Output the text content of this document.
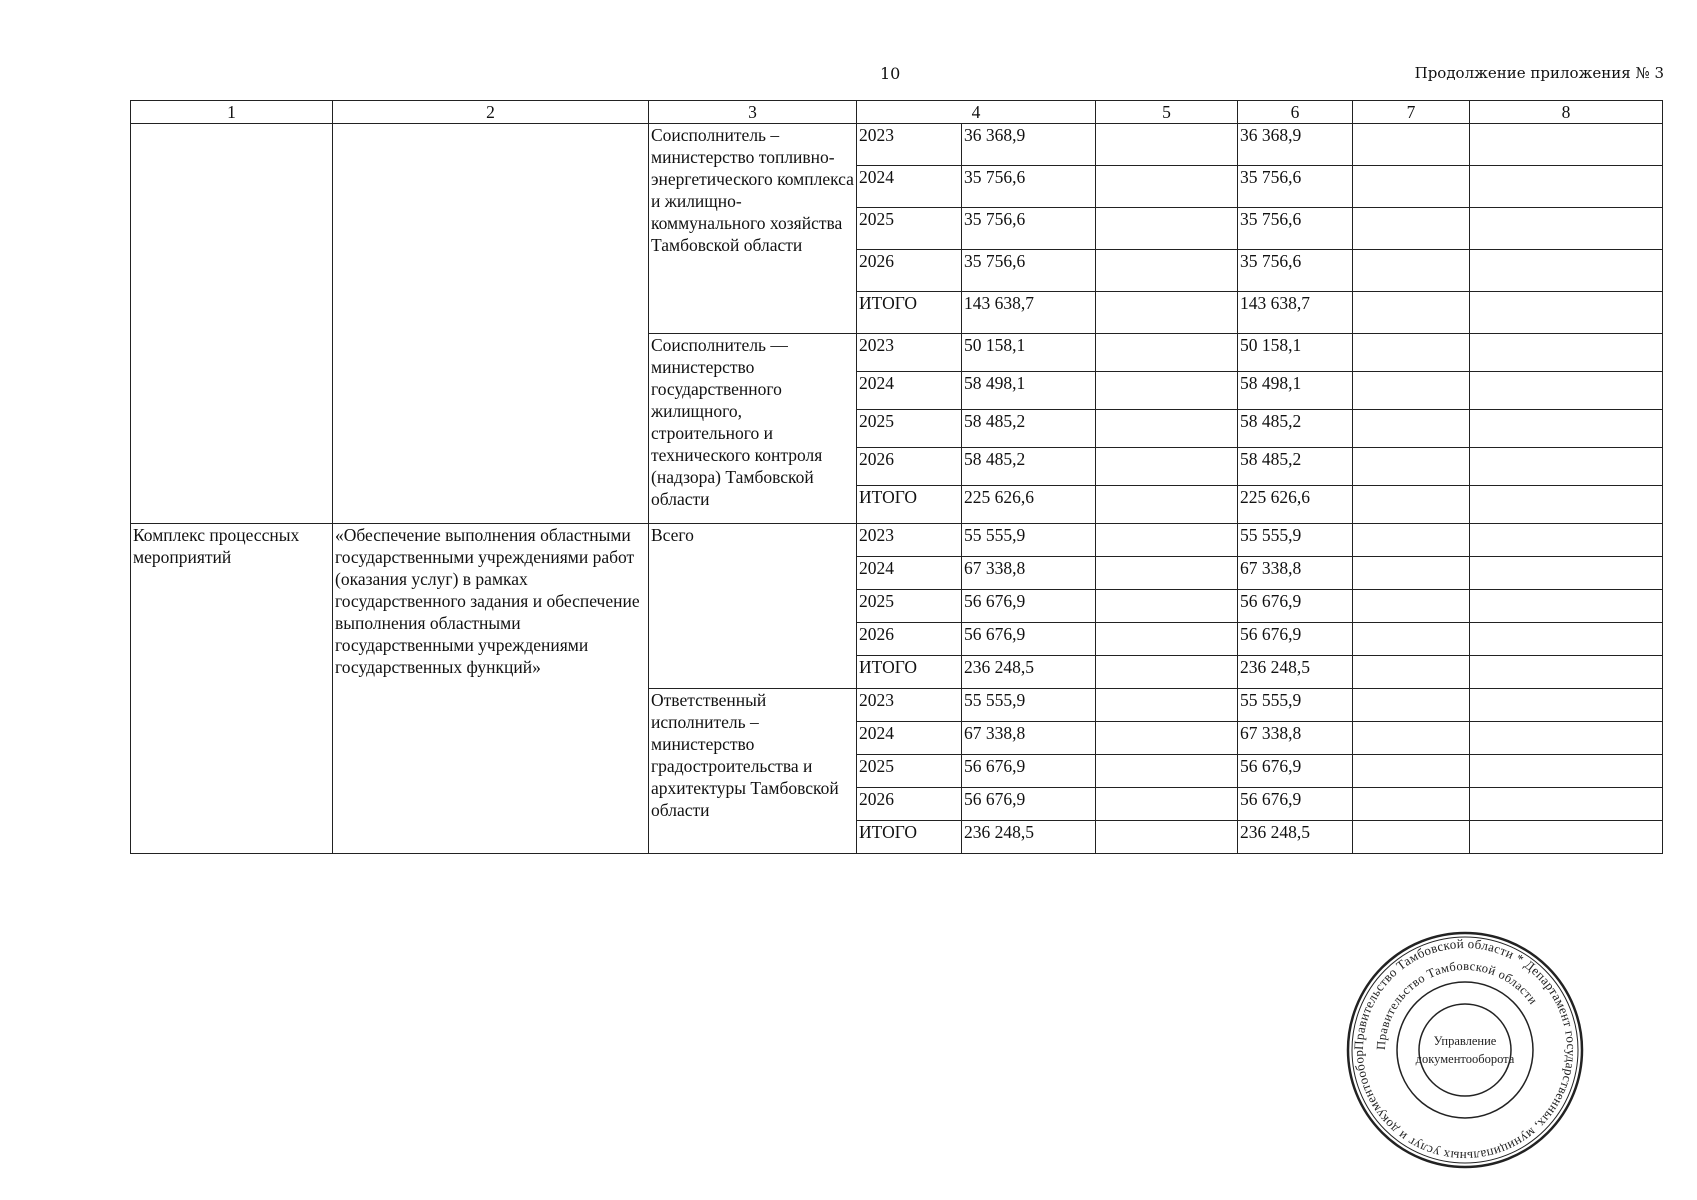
10	Продолжение приложения № 3
1	2	3	4		5	6	7	8
		Соисполнитель – министерство топливно-энергетического комплекса и жилищно-коммунального хозяйства Тамбовской области	2023	36 368,9		36 368,9		
			2024	35 756,6		35 756,6		
			2025	35 756,6		35 756,6		
			2026	35 756,6		35 756,6		
			ИТОГО	143 638,7		143 638,7		
		Соисполнитель — министерство государственного жилищного, строительного и технического контроля (надзора) Тамбовской области	2023	50 158,1		50 158,1		
			2024	58 498,1		58 498,1		
			2025	58 485,2		58 485,2		
			2026	58 485,2		58 485,2		
			ИТОГО	225 626,6		225 626,6		
Комплекс процессных мероприятий	«Обеспечение выполнения областными государственными учреждениями работ (оказания услуг) в рамках государственного задания и обеспечение выполнения областными государственными учреждениями государственных функций»	Всего	2023	55 555,9		55 555,9		
			2024	67 338,8		67 338,8		
			2025	56 676,9		56 676,9		
			2026	56 676,9		56 676,9		
			ИТОГО	236 248,5		236 248,5		
		Ответственный исполнитель – министерство градостроительства и архитектуры Тамбовской области	2023	55 555,9		55 555,9		
			2024	67 338,8		67 338,8		
			2025	56 676,9		56 676,9		
			2026	56 676,9		56 676,9		
			ИТОГО	236 248,5		236 248,5		
Правительство Тамбовской области * Департамент государственных, муниципальных услуг и документообор
Правительство Тамбовской области
Управление
документооборота
